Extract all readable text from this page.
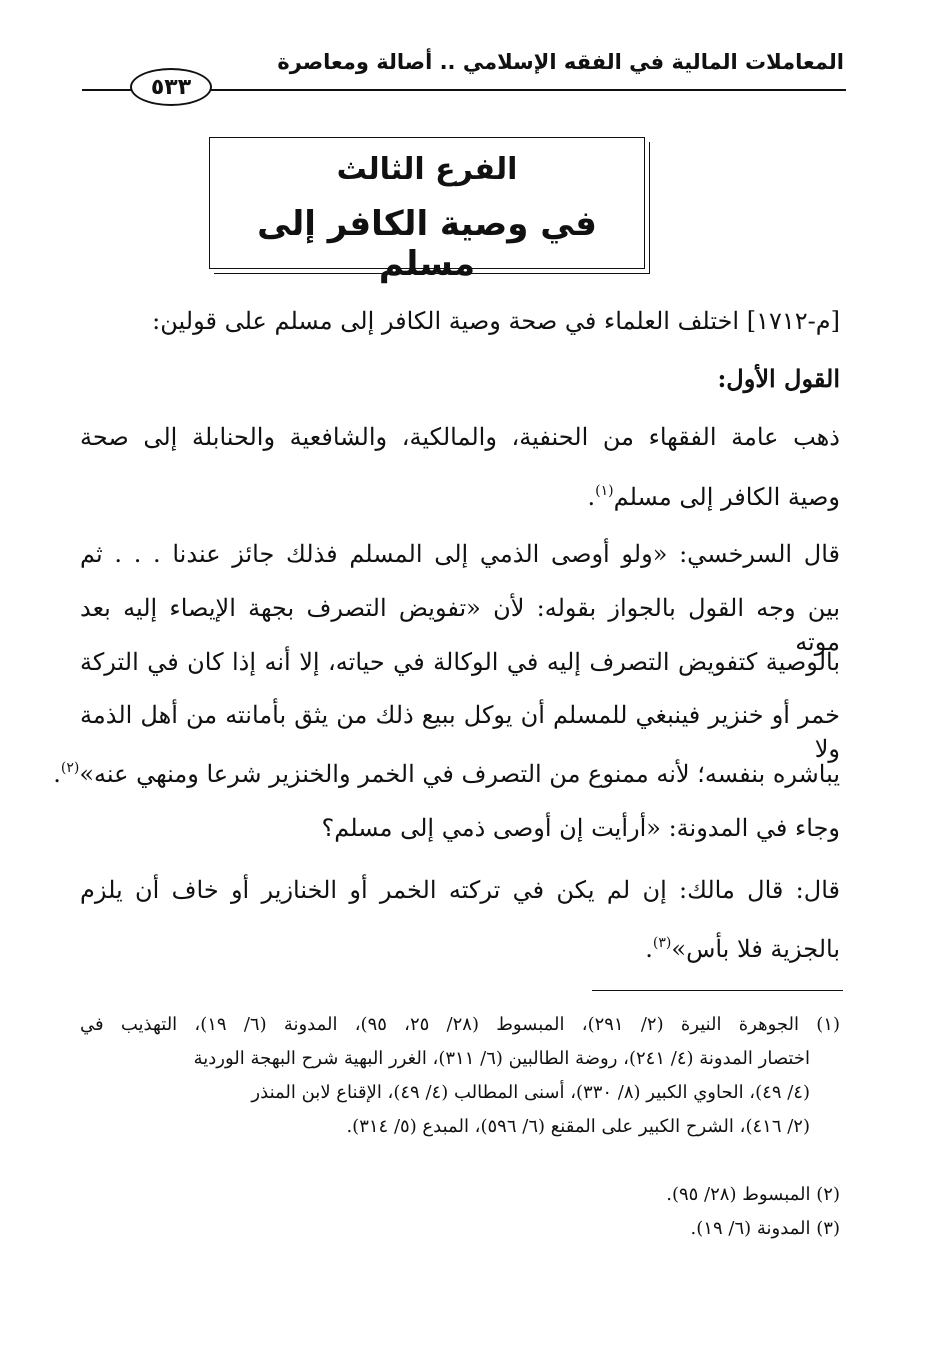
المعاملات المالية في الفقه الإسلامي .. أصالة ومعاصرة
٥٣٣
الفرع الثالث
في وصية الكافر إلى مسلم
[م-١٧١٢] اختلف العلماء في صحة وصية الكافر إلى مسلم على قولين:
القول الأول:
ذهب عامة الفقهاء من الحنفية، والمالكية، والشافعية والحنابلة إلى صحة
وصية الكافر إلى مسلم$^{(١)}$.
قال السرخسي: «ولو أوصى الذمي إلى المسلم فذلك جائز عندنا . . . ثم
بين وجه القول بالجواز بقوله: لأن «تفويض التصرف بجهة الإيصاء إليه بعد موته
بالوصية كتفويض التصرف إليه في الوكالة في حياته، إلا أنه إذا كان في التركة
خمر أو خنزير فينبغي للمسلم أن يوكل ببيع ذلك من يثق بأمانته من أهل الذمة ولا
يباشره بنفسه؛ لأنه ممنوع من التصرف في الخمر والخنزير شرعا ومنهي عنه»$^{(٢)}$.
وجاء في المدونة: «أرأيت إن أوصى ذمي إلى مسلم؟
قال: قال مالك: إن لم يكن في تركته الخمر أو الخنازير أو خاف أن يلزم
بالجزية فلا بأس»$^{(٣)}$.
(١) الجوهرة النيرة (٢/ ٢٩١)، المبسوط (٢٨/ ٢٥، ٩٥)، المدونة (٦/ ١٩)، التهذيب في
اختصار المدونة (٤/ ٢٤١)، روضة الطالبين (٦/ ٣١١)، الغرر البهية شرح البهجة الوردية
(٤/ ٤٩)، الحاوي الكبير (٨/ ٣٣٠)، أسنى المطالب (٤/ ٤٩)، الإقناع لابن المنذر
(٢/ ٤١٦)، الشرح الكبير على المقنع (٦/ ٥٩٦)، المبدع (٥/ ٣١٤).
(٢) المبسوط (٢٨/ ٩٥).
(٣) المدونة (٦/ ١٩).
